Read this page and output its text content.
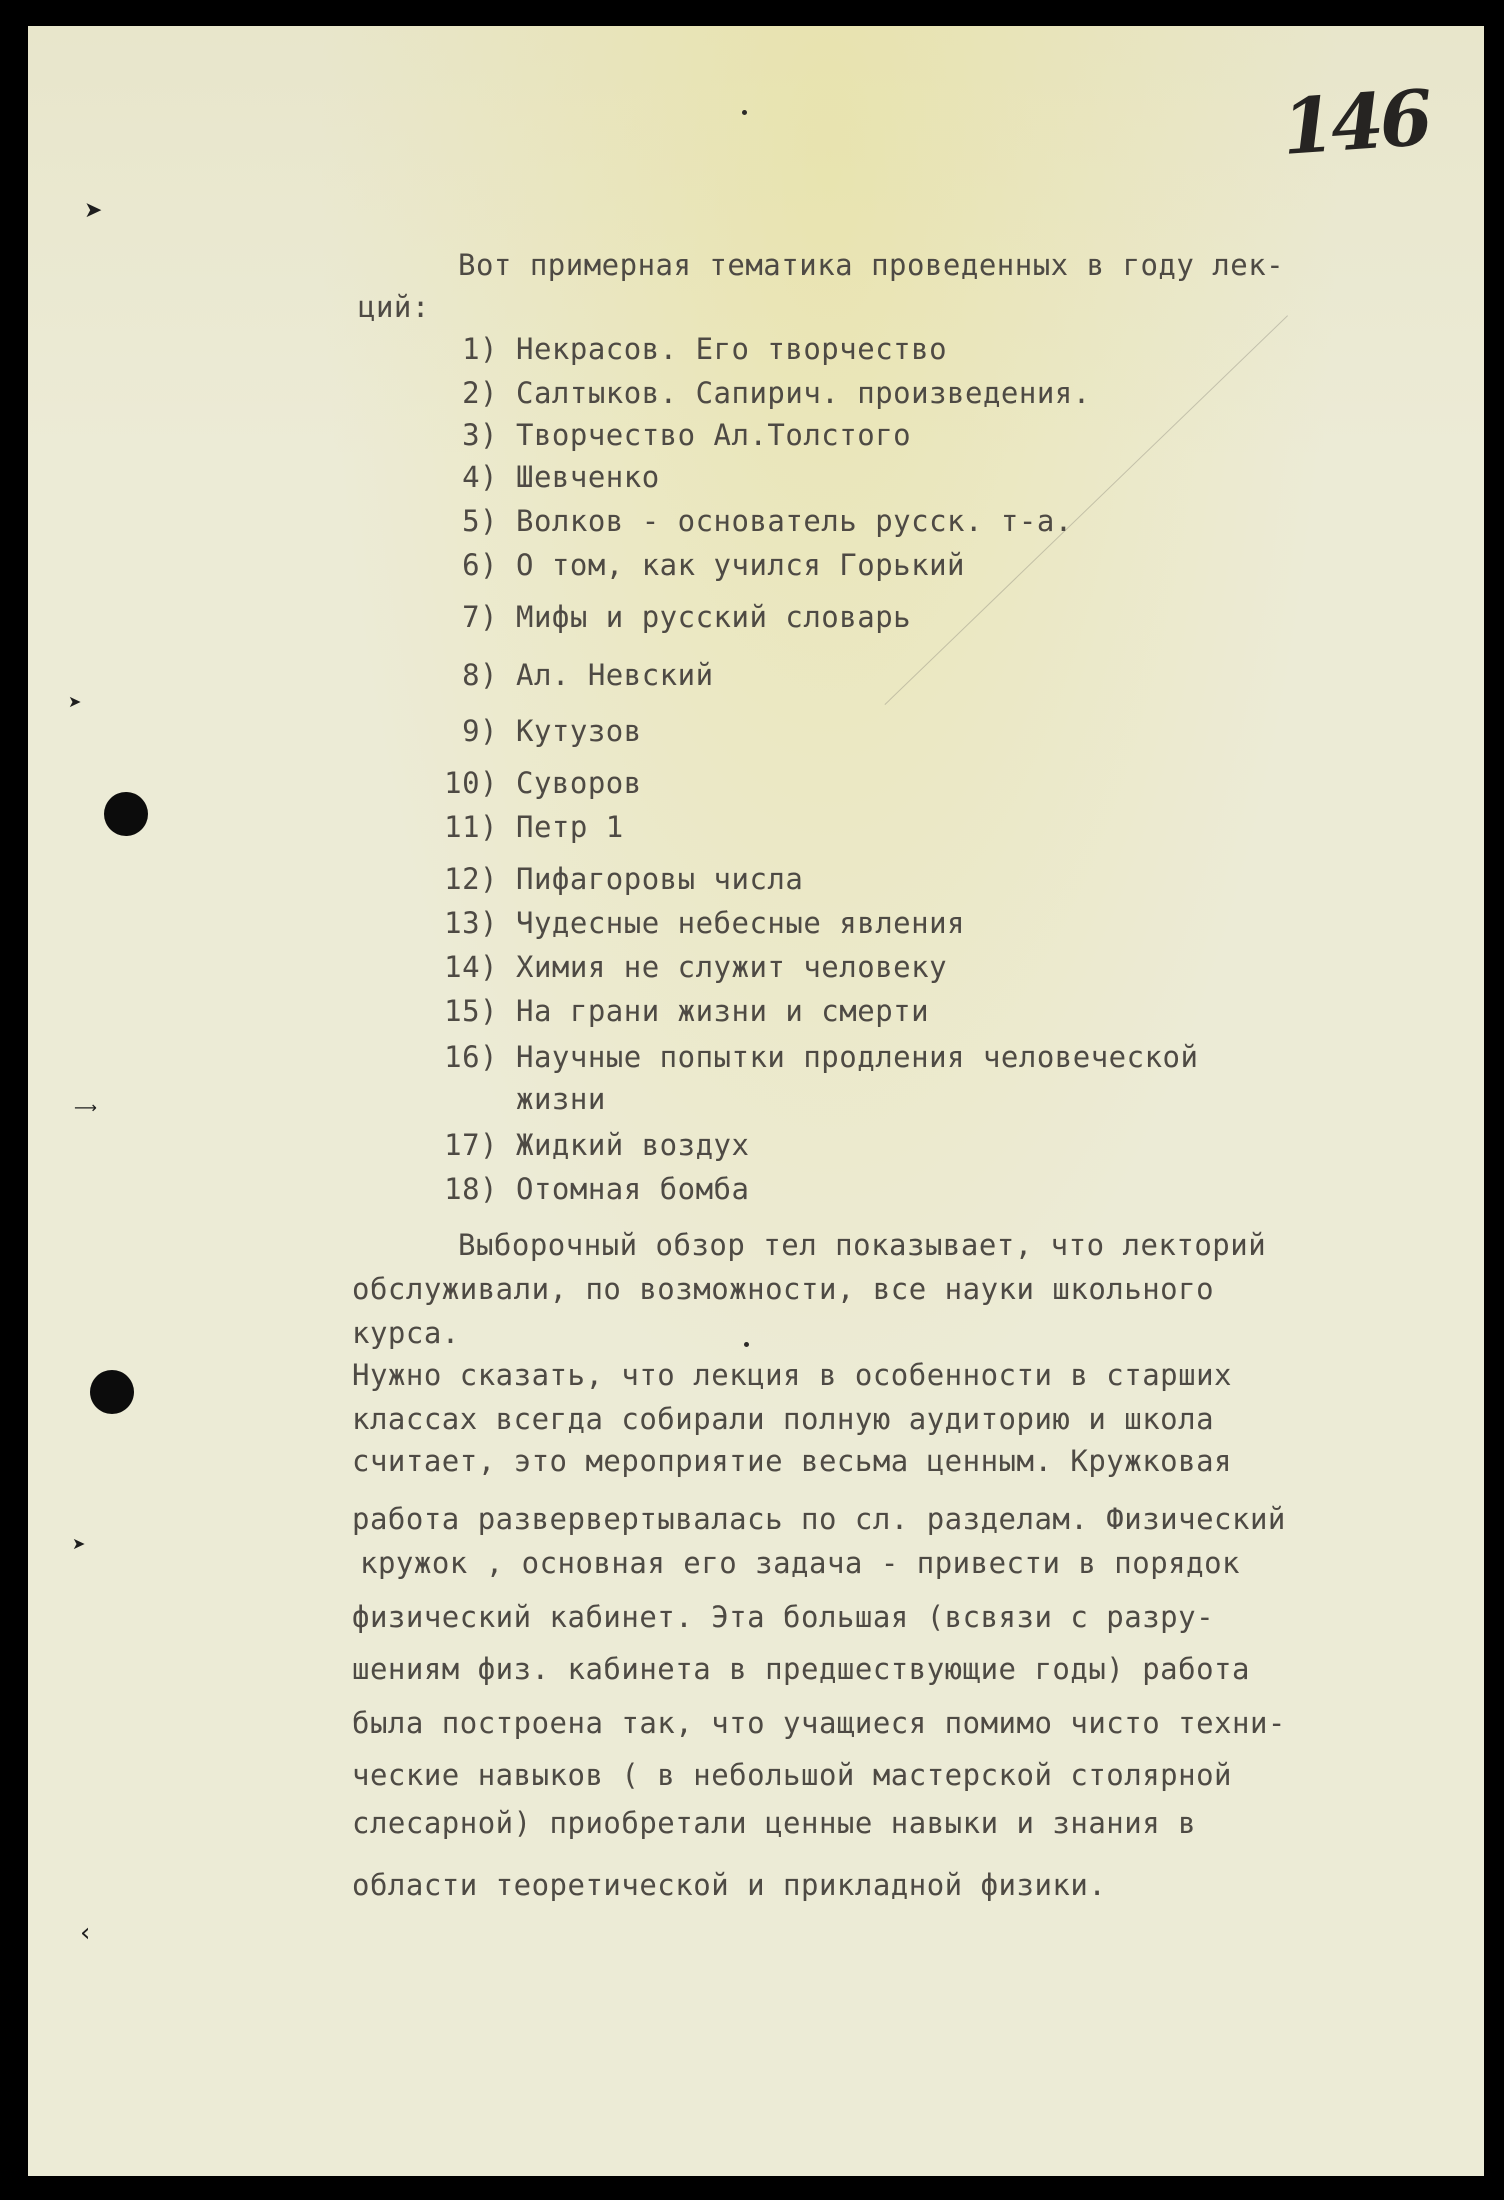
146
➤
➤
⟶
➤
‹
Вот примерная тематика проведенных в году лек-
ций:
1) Некрасов. Его творчество
2) Салтыков. Сапирич. произведения.
3) Творчество Ал.Толстого
4) Шевченко
5) Волков - основатель русск. т-а.
6) О том, как учился Горький
7) Мифы и русский словарь
8) Ал. Невский
9) Кутузов
10) Суворов
11) Петр 1
12) Пифагоровы числа
13) Чудесные небесные явления
14) Химия не служит человеку
15) На грани жизни и смерти
16) Научные попытки продления человеческой
жизни
17) Жидкий воздух
18) Отомная бомба
Выборочный обзор тел показывает, что лекторий
обслуживали, по возможности, все науки школьного
курса.
Нужно сказать, что лекция в особенности в старших
классах всегда собирали полную аудиторию и школа
считает, это мероприятие весьма ценным. Кружковая
работа развервертывалась по сл. разделам. Физический
кружок , основная его задача - привести в порядок
физический кабинет. Эта большая (всвязи с разру-
шениям физ. кабинета в предшествующие годы) работа
была построена так, что учащиеся помимо чисто техни-
ческие навыков ( в небольшой мастерской столярной
слесарной) приобретали ценные навыки и знания в
области теоретической и прикладной физики.
